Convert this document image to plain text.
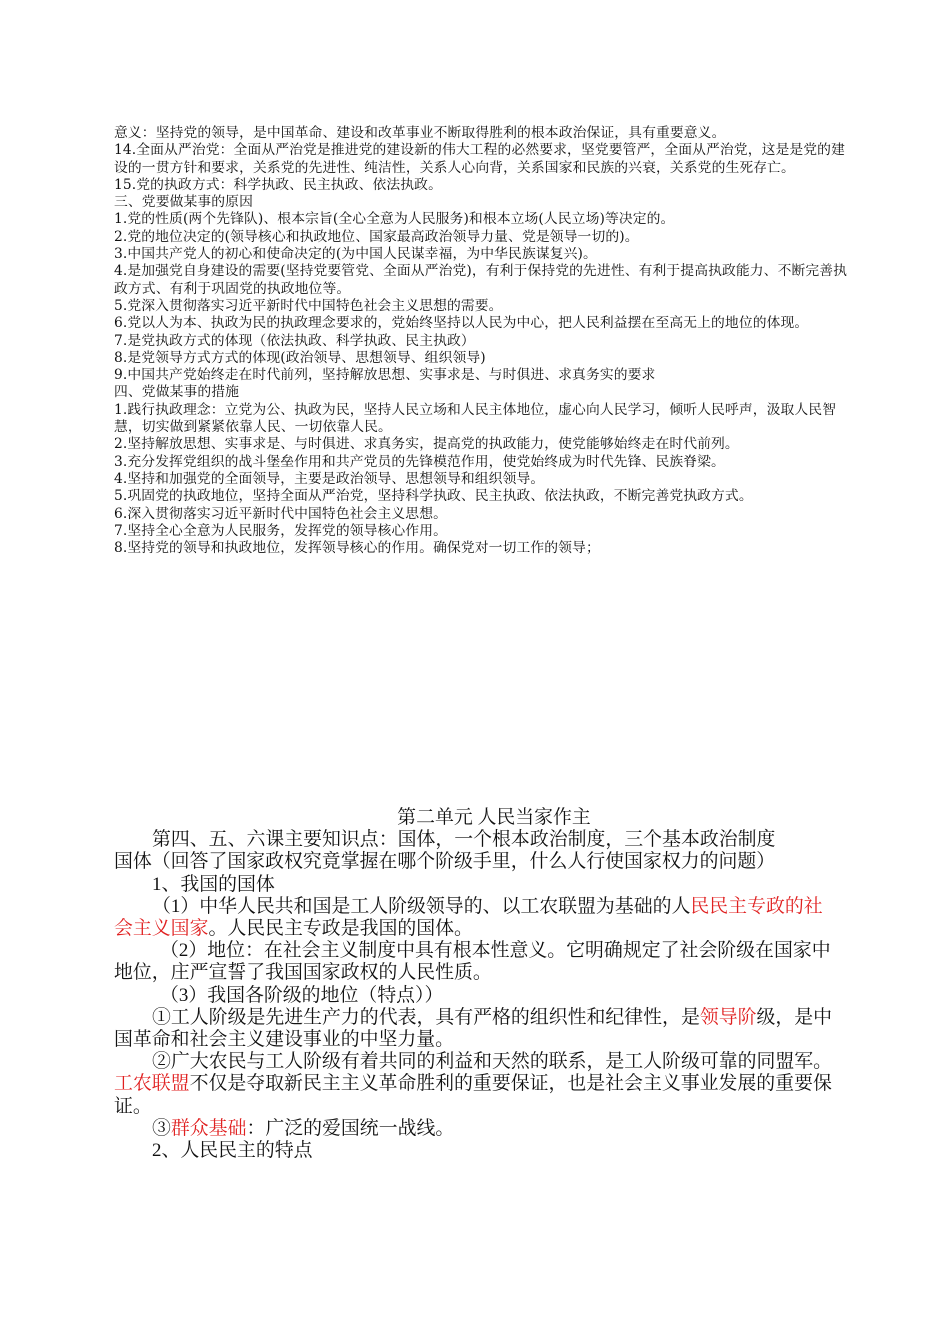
意义：坚持党的领导，是中国革命、建设和改革事业不断取得胜利的根本政治保证，具有重要意义。

14.全面从严治党：全面从严治党是推进党的建设新的伟大工程的必然要求，坚党要管严，全面从严治党，这是是党的建设的一贯方针和要求，关系党的先进性、纯洁性，关系人心向背，关系国家和民族的兴衰，关系党的生死存亡。

15.党的执政方式：科学执政、民主执政、依法执政。

三、党要做某事的原因

1.党的性质(两个先锋队)、根本宗旨(全心全意为人民服务)和根本立场(人民立场)等决定的。

2.党的地位决定的(领导核心和执政地位、国家最高政治领导力量、党是领导一切的)。

3.中国共产党人的初心和使命决定的(为中国人民谋幸福，为中华民族谋复兴)。

4.是加强党自身建设的需要(坚持党要管党、全面从严治党)，有利于保持党的先进性、有利于提高执政能力、不断完善执政方式、有利于巩固党的执政地位等。

5.党深入贯彻落实习近平新时代中国特色社会主义思想的需要。

6.党以人为本、执政为民的执政理念要求的，党始终坚持以人民为中心，把人民利益摆在至高无上的地位的体现。

7.是党执政方式的体现（依法执政、科学执政、民主执政）

8.是党领导方式方式的体现(政治领导、思想领导、组织领导)

9.中国共产党始终走在时代前列，坚持解放思想、实事求是、与时俱进、求真务实的要求

四、党做某事的措施

1.践行执政理念：立党为公、执政为民，坚持人民立场和人民主体地位，虚心向人民学习，倾听人民呼声，汲取人民智慧，切实做到紧紧依靠人民、一切依靠人民。

2.坚持解放思想、实事求是、与时俱进、求真务实，提高党的执政能力，使党能够始终走在时代前列。

3.充分发挥党组织的战斗堡垒作用和共产党员的先锋模范作用，使党始终成为时代先锋、民族脊梁。

4.坚持和加强党的全面领导，主要是政治领导、思想领导和组织领导。

5.巩固党的执政地位，坚持全面从严治党，坚持科学执政、民主执政、依法执政，不断完善党执政方式。

6.深入贯彻落实习近平新时代中国特色社会主义思想。

7.坚持全心全意为人民服务，发挥党的领导核心作用。

8.坚持党的领导和执政地位，发挥领导核心的作用。确保党对一切工作的领导；

第二单元 人民当家作主

第四、五、六课主要知识点：国体，一个根本政治制度，三个基本政治制度

国体（回答了国家政权究竟掌握在哪个阶级手里，什么人行使国家权力的问题）

1、我国的国体

（1）中华人民共和国是工人阶级领导的、以工农联盟为基础的人民民主专政的社会主义国家。人民民主专政是我国的国体。

（2）地位：在社会主义制度中具有根本性意义。它明确规定了社会阶级在国家中地位，庄严宣誓了我国国家政权的人民性质。

（3）我国各阶级的地位（特点））

①工人阶级是先进生产力的代表，具有严格的组织性和纪律性，是领导阶级，是中国革命和社会主义建设事业的中坚力量。

②广大农民与工人阶级有着共同的利益和天然的联系，是工人阶级可靠的同盟军。工农联盟不仅是夺取新民主主义革命胜利的重要保证，也是社会主义事业发展的重要保证。

③群众基础：广泛的爱国统一战线。

2、人民民主的特点
